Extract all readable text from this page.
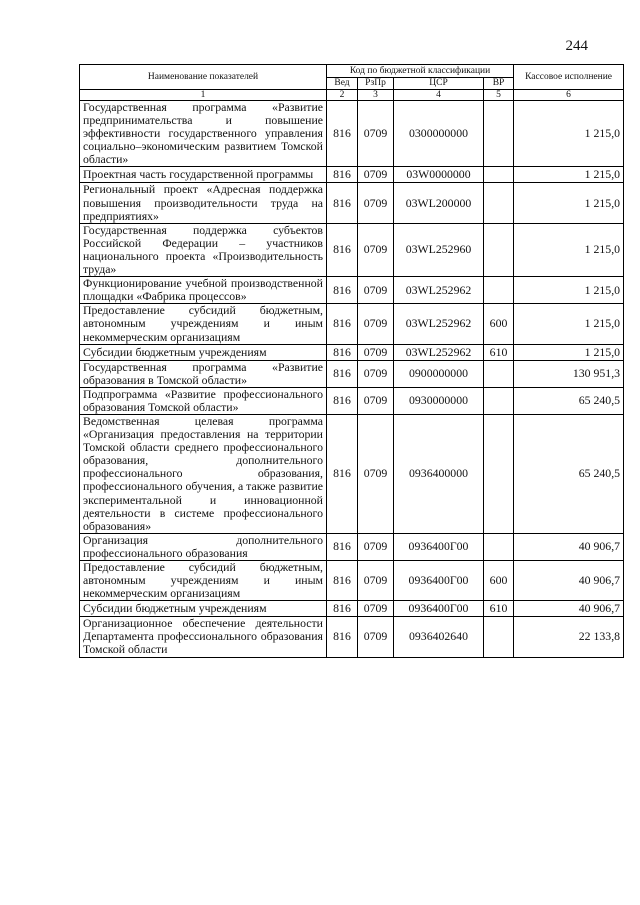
244
Наименование показателей	Код по бюджетной классификации				Кассовое исполнение
	Вед	РзПр	ЦСР	ВР	
1	2	3	4	5	6
Государственная программа «Развитие предпринимательства и повышение эффективности государственного управления социально–экономическим развитием Томской области»	816	0709	0300000000		1 215,0
Проектная часть государственной программы	816	0709	03W0000000		1 215,0
Региональный проект «Адресная поддержка повышения производительности труда на предприятиях»	816	0709	03WL200000		1 215,0
Государственная поддержка субъектов Российской Федерации – участников национального проекта «Производительность труда»	816	0709	03WL252960		1 215,0
Функционирование учебной производственной площадки «Фабрика процессов»	816	0709	03WL252962		1 215,0
Предоставление субсидий бюджетным, автономным учреждениям и иным некоммерческим организациям	816	0709	03WL252962	600	1 215,0
Субсидии бюджетным учреждениям	816	0709	03WL252962	610	1 215,0
Государственная программа «Развитие образования в Томской области»	816	0709	0900000000		130 951,3
Подпрограмма «Развитие профессионального образования Томской области»	816	0709	0930000000		65 240,5
Ведомственная целевая программа «Организация предоставления на территории Томской области среднего профессионального образования, дополнительного профессионального образования, профессионального обучения, а также развитие экспериментальной и инновационной деятельности в системе профессионального образования»	816	0709	0936400000		65 240,5
Организация дополнительного профессионального образования	816	0709	0936400Г00		40 906,7
Предоставление субсидий бюджетным, автономным учреждениям и иным некоммерческим организациям	816	0709	0936400Г00	600	40 906,7
Субсидии бюджетным учреждениям	816	0709	0936400Г00	610	40 906,7
Организационное обеспечение деятельности Департамента профессионального образования Томской области	816	0709	0936402640		22 133,8
